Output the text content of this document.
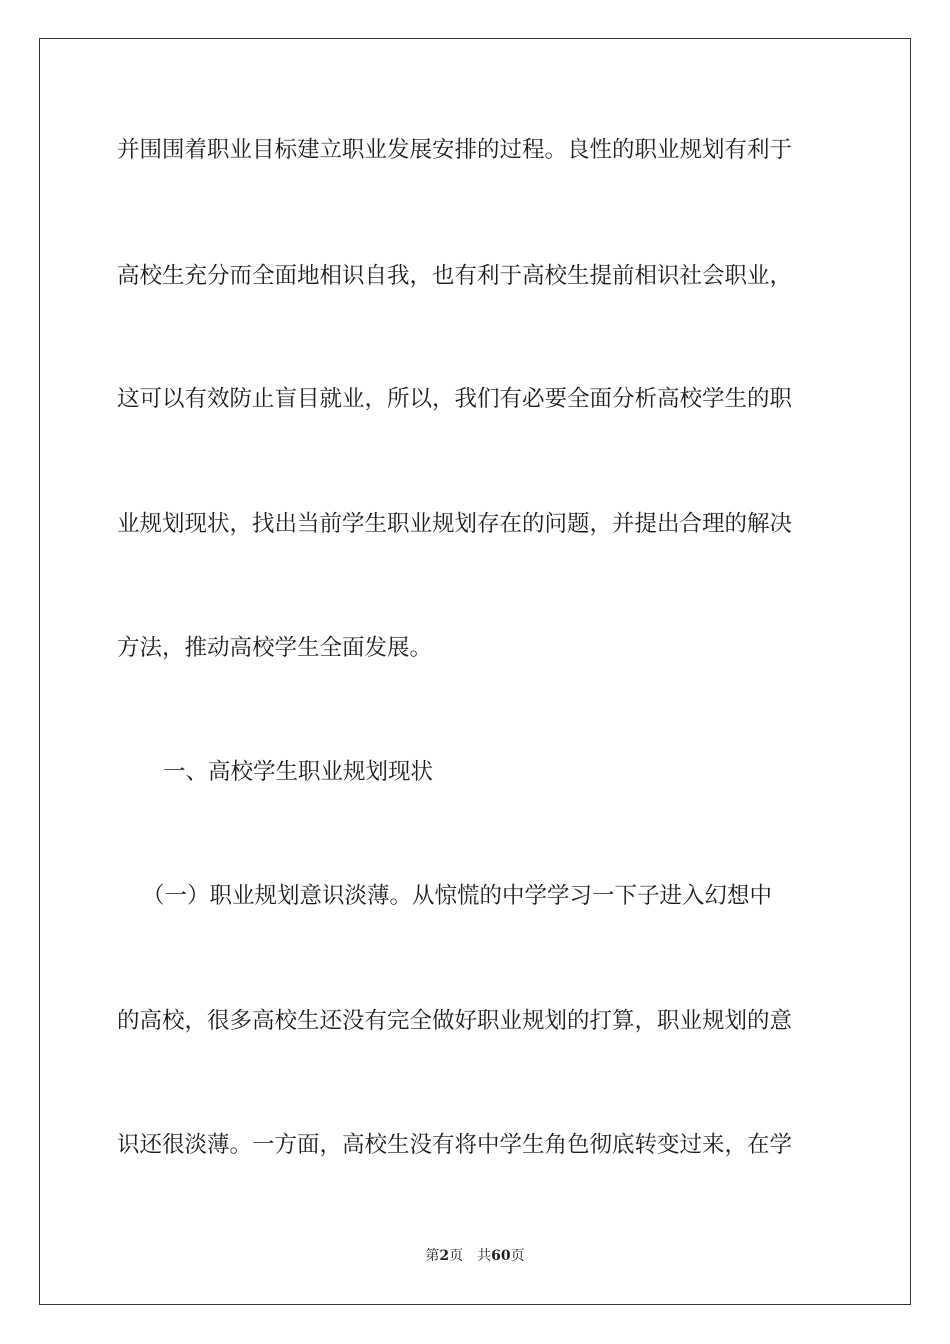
并围围着职业目标建立职业发展安排的过程。良性的职业规划有利于
高校生充分而全面地相识自我，也有利于高校生提前相识社会职业，
这可以有效防止盲目就业，所以，我们有必要全面分析高校学生的职
业规划现状，找出当前学生职业规划存在的问题，并提出合理的解决
方法，推动高校学生全面发展。
一、高校学生职业规划现状
（一）职业规划意识淡薄。从惊慌的中学学习一下子进入幻想中
的高校，很多高校生还没有完全做好职业规划的打算，职业规划的意
识还很淡薄。一方面，高校生没有将中学生角色彻底转变过来，在学
第2页 共60页
